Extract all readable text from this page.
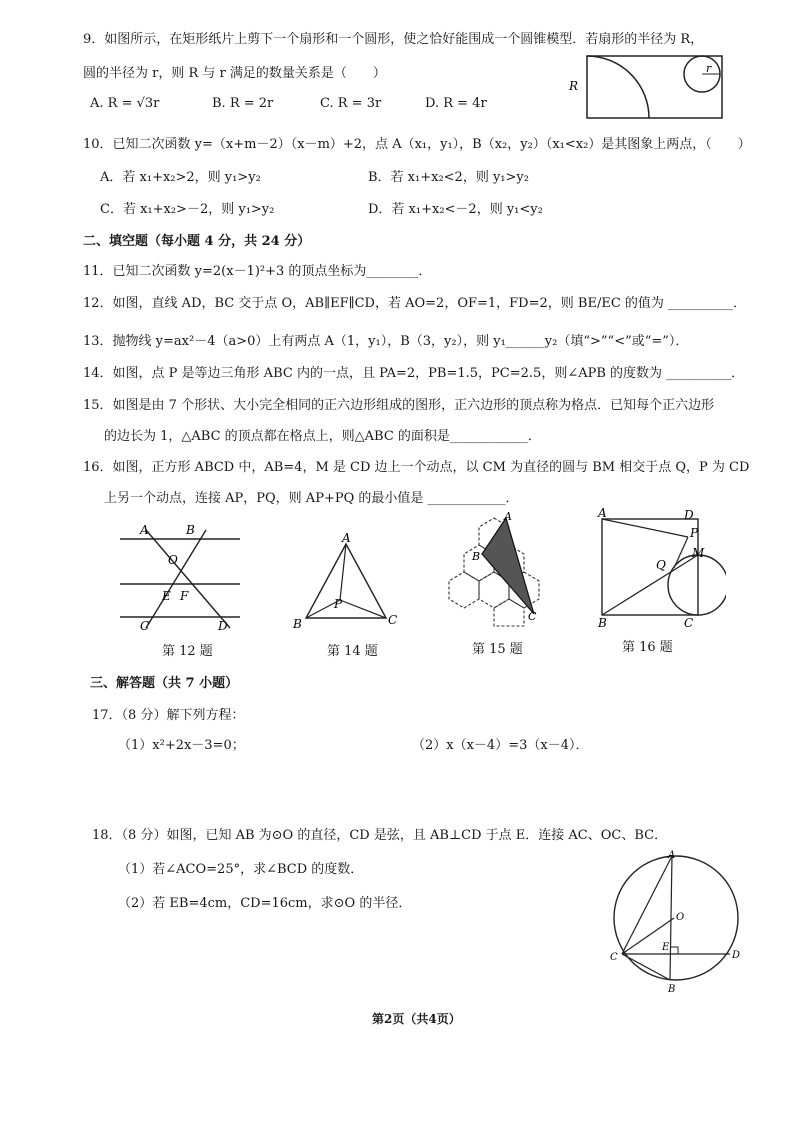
9．如图所示，在矩形纸片上剪下一个扇形和一个圆形，使之恰好能围成一个圆锥模型．若扇形的半径为 R，
圆的半径为 r，则 R 与 r 满足的数量关系是（　　）
A. R = √3r	B. R = 2r	C. R = 3r	D. R = 4r
R
r
10．已知二次函数 y=（x+m－2）（x－m）+2，点 A（x₁，y₁），B（x₂，y₂）（x₁<x₂）是其图象上两点，（　　）
A．若 x₁+x₂>2，则 y₁>y₂	B．若 x₁+x₂<2，则 y₁>y₂
C．若 x₁+x₂>－2，则 y₁>y₂	D．若 x₁+x₂<－2，则 y₁<y₂
二、填空题（每小题 4 分，共 24 分）
11．已知二次函数 y=2(x－1)²+3 的顶点坐标为________．
12．如图，直线 AD，BC 交于点 O，AB∥EF∥CD，若 AO=2，OF=1，FD=2，则 BE/EC 的值为 __________．
13．抛物线 y=ax²－4（a>0）上有两点 A（1，y₁），B（3，y₂），则 y₁______y₂（填“>”“<”或“=”）．
14．如图，点 P 是等边三角形 ABC 内的一点，且 PA=2，PB=1.5，PC=2.5，则∠APB 的度数为 __________．
15．如图是由 7 个形状、大小完全相同的正六边形组成的图形，正六边形的顶点称为格点．已知每个正六边形
的边长为 1，△ABC 的顶点都在格点上，则△ABC 的面积是____________．
16．如图，正方形 ABCD 中，AB=4，M 是 CD 边上一个动点，以 CM 为直径的圆与 BM 相交于点 Q，P 为 CD
上另一个动点，连接 AP，PQ，则 AP+PQ 的最小值是 ____________．
A	B
O
E F
C	D
第 12 题
A
B	C
P
第 14 题
A
B
C
第 15 题
A	D
P
M
Q
B	C
第 16 题
三、解答题（共 7 小题）
17．（8 分）解下列方程：
（1）x²+2x－3=0；	（2）x（x－4）=3（x－4）．
18．（8 分）如图，已知 AB 为⊙O 的直径，CD 是弦，且 AB⊥CD 于点 E．连接 AC、OC、BC．
（1）若∠ACO=25°，求∠BCD 的度数．
（2）若 EB=4cm，CD=16cm，求⊙O 的半径．
A
O
E
C	D
B
第2页（共4页）
